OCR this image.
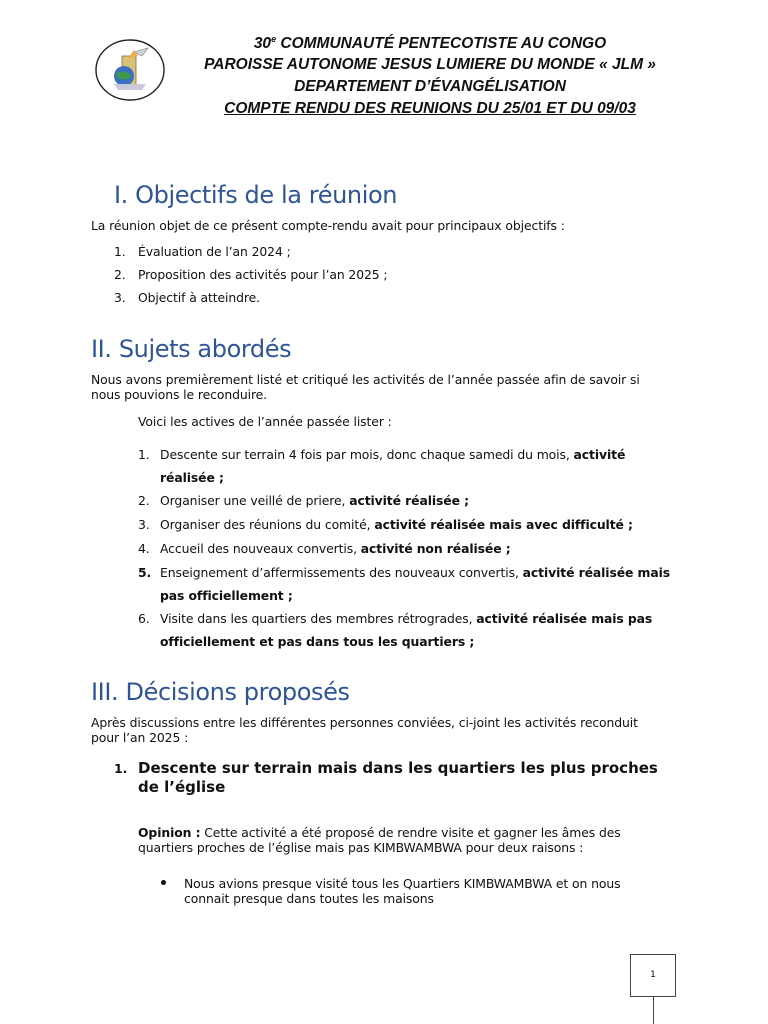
30e COMMUNAUTÉ PENTECOTISTE AU CONGO
PAROISSE AUTONOME JESUS LUMIERE DU MONDE « JLM »
DEPARTEMENT D’ÉVANGÉLISATION
COMPTE RENDU DES REUNIONS DU 25/01 ET DU 09/03
I. Objectifs de la réunion
La réunion objet de ce présent compte-rendu avait pour principaux objectifs :
1. Évaluation de l’an 2024 ;
2. Proposition des activités pour l’an 2025 ;
3. Objectif à atteindre.
II. Sujets abordés
Nous avons premièrement listé et critiqué les activités de l’année passée afin de savoir si
nous pouvions le reconduire.
Voici les actives de l’année passée lister :
1. Descente sur terrain 4 fois par mois, donc chaque samedi du mois, activité
réalisée ;
2. Organiser une veillé de priere, activité réalisée ;
3. Organiser des réunions du comité, activité réalisée mais avec difficulté ;
4. Accueil des nouveaux convertis, activité non réalisée ;
5. Enseignement d’affermissements des nouveaux convertis, activité réalisée mais
pas officiellement ;
6. Visite dans les quartiers des membres rétrogrades, activité réalisée mais pas
officiellement et pas dans tous les quartiers ;
III. Décisions proposés
Après discussions entre les différentes personnes conviées, ci-joint les activités reconduit
pour l’an 2025 :
1. Descente sur terrain mais dans les quartiers les plus proches
de l’église
Opinion : Cette activité a été proposé de rendre visite et gagner les âmes des
quartiers proches de l’église mais pas KIMBWAMBWA pour deux raisons :
Nous avions presque visité tous les Quartiers KIMBWAMBWA et on nous
connait presque dans toutes les maisons
1
